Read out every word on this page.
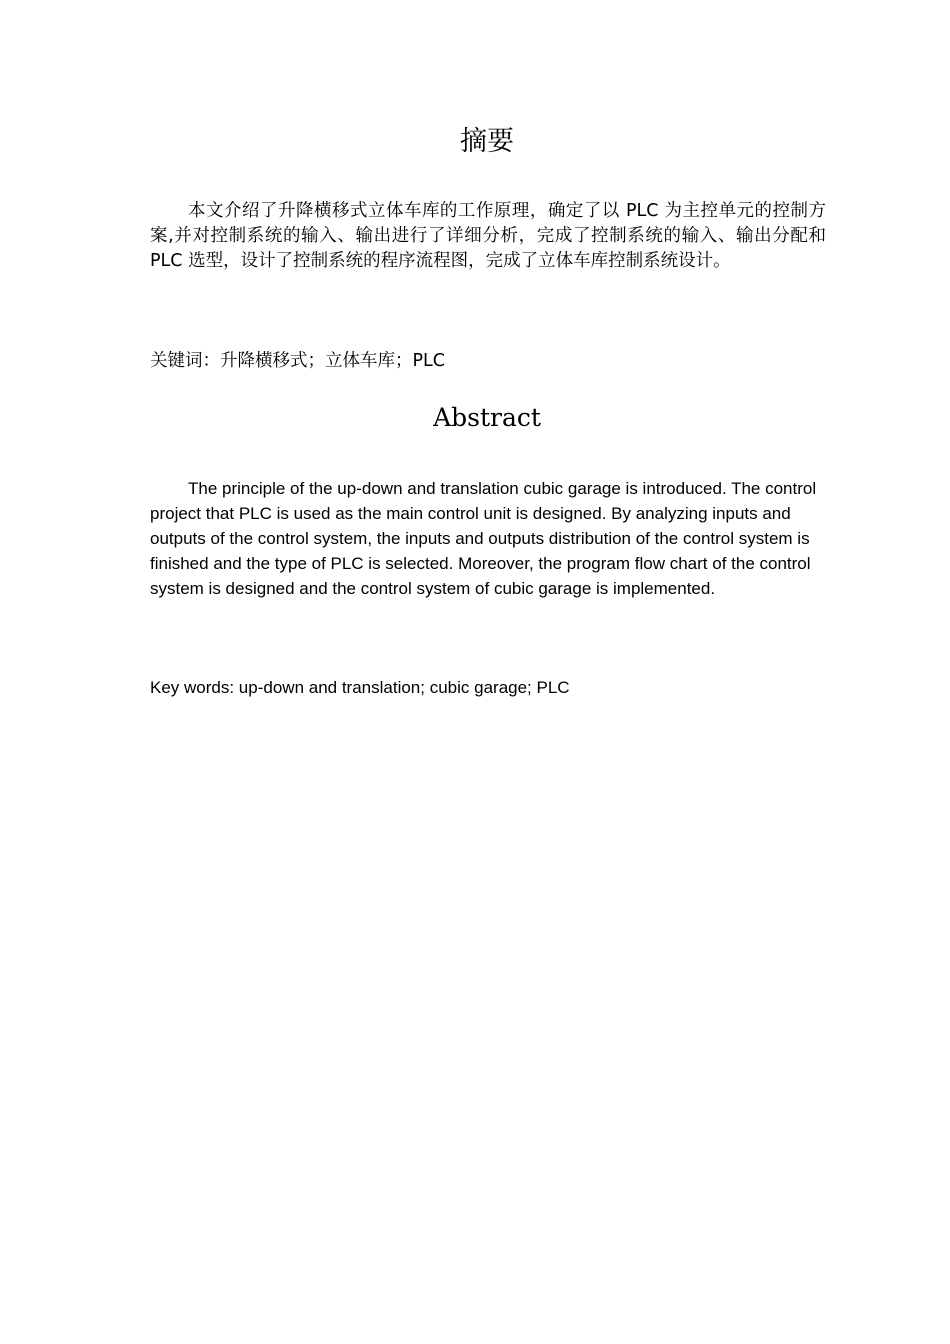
摘要

本文介绍了升降横移式立体车库的工作原理，确定了以 PLC 为主控单元的控制方案,并对控制系统的输入、输出进行了详细分析，完成了控制系统的输入、输出分配和 PLC 选型，设计了控制系统的程序流程图，完成了立体车库控制系统设计。

关键词：升降横移式；立体车库；PLC
Abstract

The principle of the up-down and translation cubic garage is introduced. The control project that PLC is used as the main control unit is designed. By analyzing inputs and outputs of the control system, the inputs and outputs distribution of the control system is finished and the type of PLC is selected. Moreover, the program flow chart of the control system is designed and the control system of cubic garage is implemented.

Key words: up-down and translation; cubic garage; PLC
